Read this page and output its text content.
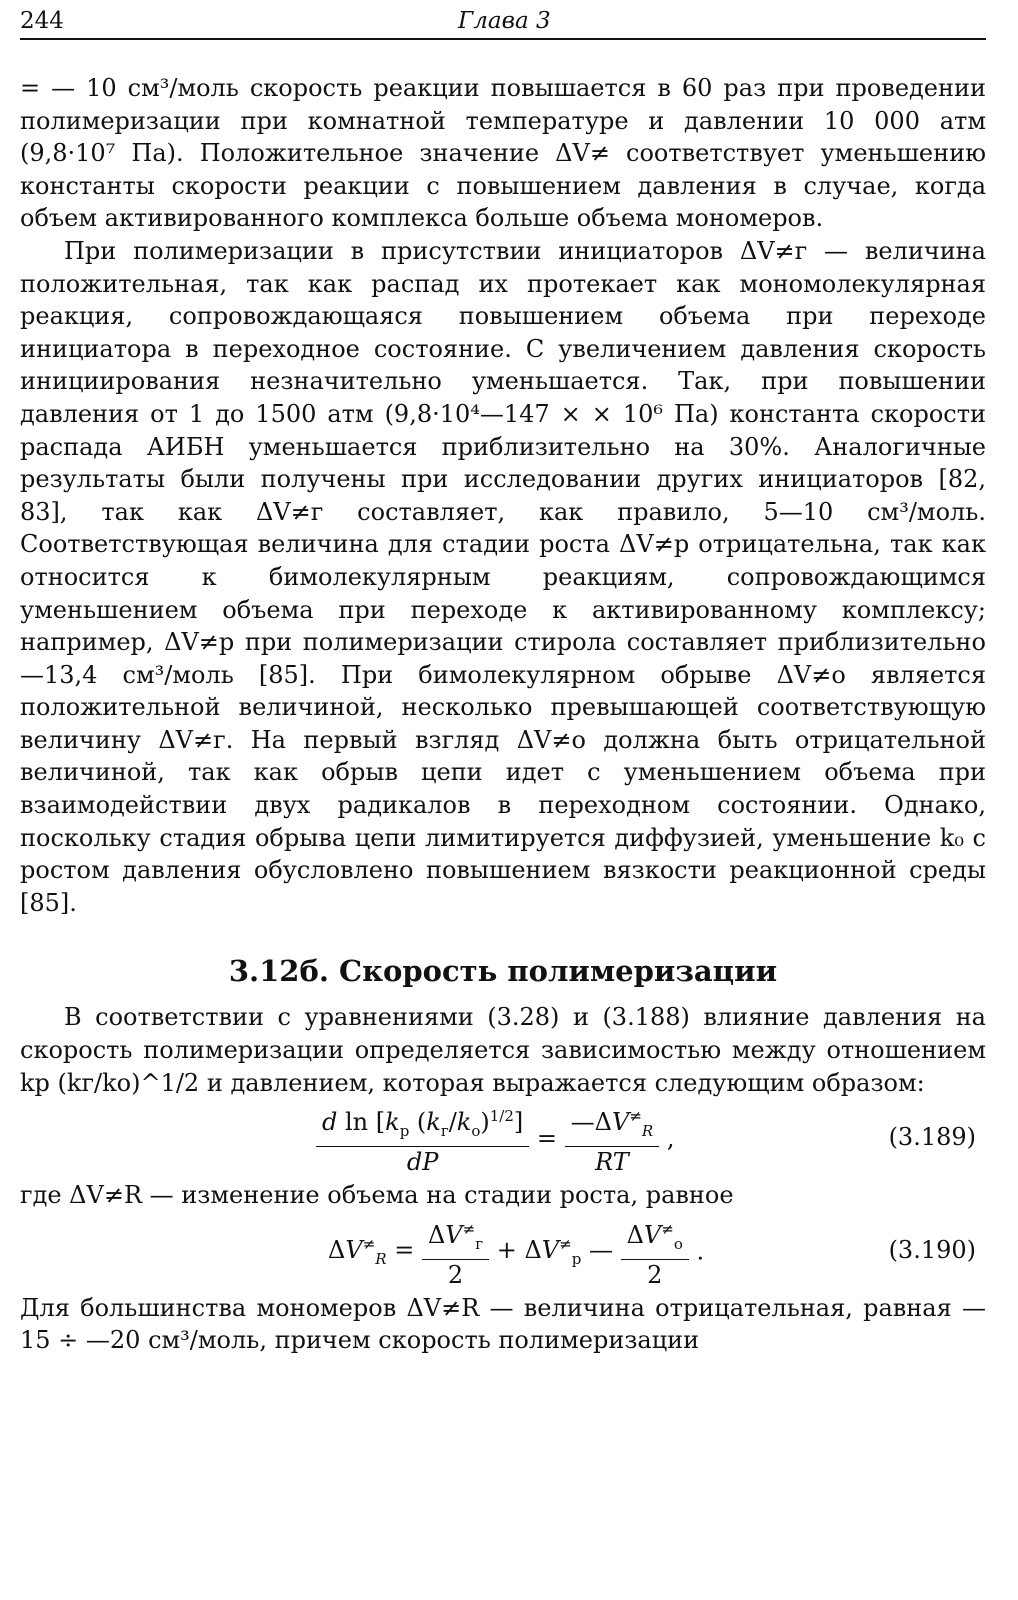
244	Глава 3

= — 10 см³/моль скорость реакции повышается в 60 раз при проведении полимеризации при комнатной температуре и давлении 10 000 атм (9,8·10⁷ Па). Положительное значение ΔV≠ соответствует уменьшению константы скорости реакции с повышением давления в случае, когда объем активированного комплекса больше объема мономеров.

При полимеризации в присутствии инициаторов ΔV≠г — величина положительная, так как распад их протекает как мономолекулярная реакция, сопровождающаяся повышением объема при переходе инициатора в переходное состояние. С увеличением давления скорость инициирования незначительно уменьшается. Так, при повышении давления от 1 до 1500 атм (9,8·10⁴—147 × × 10⁶ Па) константа скорости распада АИБН уменьшается приблизительно на 30%. Аналогичные результаты были получены при исследовании других инициаторов [82, 83], так как ΔV≠г составляет, как правило, 5—10 см³/моль. Соответствующая величина для стадии роста ΔV≠р отрицательна, так как относится к бимолекулярным реакциям, сопровождающимся уменьшением объема при переходе к активированному комплексу; например, ΔV≠р при полимеризации стирола составляет приблизительно —13,4 см³/моль [85]. При бимолекулярном обрыве ΔV≠о является положительной величиной, несколько превышающей соответствующую величину ΔV≠г. На первый взгляд ΔV≠о должна быть отрицательной величиной, так как обрыв цепи идет с уменьшением объема при взаимодействии двух радикалов в переходном состоянии. Однако, поскольку стадия обрыва цепи лимитируется диффузией, уменьшение k₀ с ростом давления обусловлено повышением вязкости реакционной среды [85].

3.12б. Скорость полимеризации

В соответствии с уравнениями (3.28) и (3.188) влияние давления на скорость полимеризации определяется зависимостью между отношением kр (kг/kо)^1/2 и давлением, которая выражается следующим образом:

$\frac{d \ln [k_р (k_г/k_о)^{1/2}]}{dP} = \frac{—\Delta V^\ne_R}{RT}$ ,	(3.189)

где ΔV≠R — изменение объема на стадии роста, равное

$\Delta V^\ne_R = \frac{\Delta V^\ne_г}{2} + \Delta V^\ne_р$ — $\frac{\Delta V^\ne_о}{2}$ .	(3.190)

Для большинства мономеров ΔV≠R — величина отрицательная, равная —15 ÷ —20 см³/моль, причем скорость полимеризации
